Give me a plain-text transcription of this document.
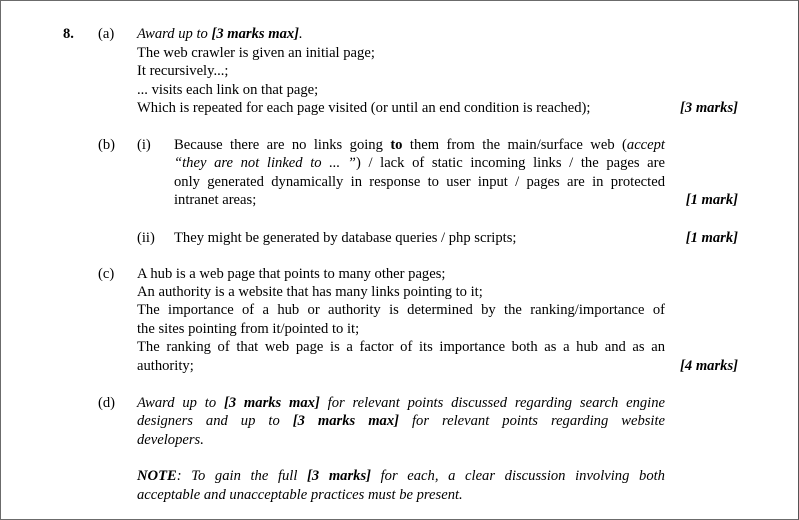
8. (a) Award up to [3 marks max].
The web crawler is given an initial page;
It recursively...;
... visits each link on that page;
Which is repeated for each page visited (or until an end condition is reached);	[3 marks]
(b) (i) Because there are no links going to them from the main/surface web (accept
“they are not linked to ... ”) / lack of static incoming links / the pages are
only generated dynamically in response to user input / pages are in protected
intranet areas;	[1 mark]
(ii) They might be generated by database queries / php scripts;	[1 mark]
(c) A hub is a web page that points to many other pages;
An authority is a website that has many links pointing to it;
The importance of a hub or authority is determined by the ranking/importance of
the sites pointing from it/pointed to it;
The ranking of that web page is a factor of its importance both as a hub and as an
authority;	[4 marks]
(d) Award up to [3 marks max] for relevant points discussed regarding search engine
designers and up to [3 marks max] for relevant points regarding website
developers.
NOTE: To gain the full [3 marks] for each, a clear discussion involving both
acceptable and unacceptable practices must be present.
